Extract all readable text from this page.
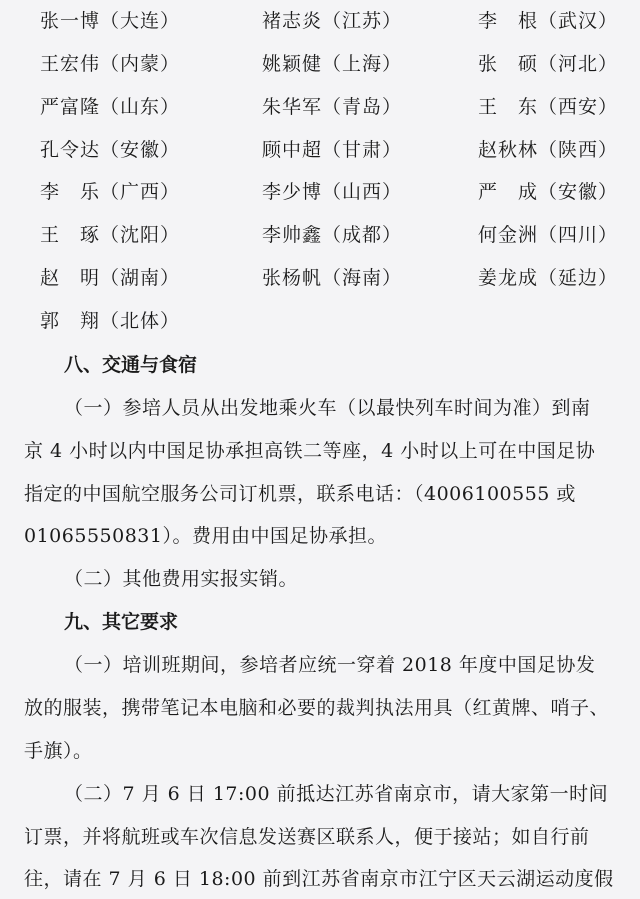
张一博（大连）	褚志炎（江苏）	李　根（武汉）
王宏伟（内蒙）	姚颖健（上海）	张　硕（河北）
严富隆（山东）	朱华军（青岛）	王　东（西安）
孔令达（安徽）	顾中超（甘肃）	赵秋林（陕西）
李　乐（广西）	李少博（山西）	严　成（安徽）
王　琢（沈阳）	李帅鑫（成都）	何金洲（四川）
赵　明（湖南）	张杨帆（海南）	姜龙成（延边）
郭　翔（北体）
八、交通与食宿
（一）参培人员从出发地乘火车（以最快列车时间为准）到南
京 4 小时以内中国足协承担高铁二等座，4 小时以上可在中国足协
指定的中国航空服务公司订机票，联系电话：（4006100555 或
01065550831）。费用由中国足协承担。
（二）其他费用实报实销。
九、其它要求
（一）培训班期间，参培者应统一穿着 2018 年度中国足协发
放的服装，携带笔记本电脑和必要的裁判执法用具（红黄牌、哨子、
手旗）。
（二）7 月 6 日 17:00 前抵达江苏省南京市，请大家第一时间
订票，并将航班或车次信息发送赛区联系人，便于接站；如自行前
往，请在 7 月 6 日 18:00 前到江苏省南京市江宁区天云湖运动度假
